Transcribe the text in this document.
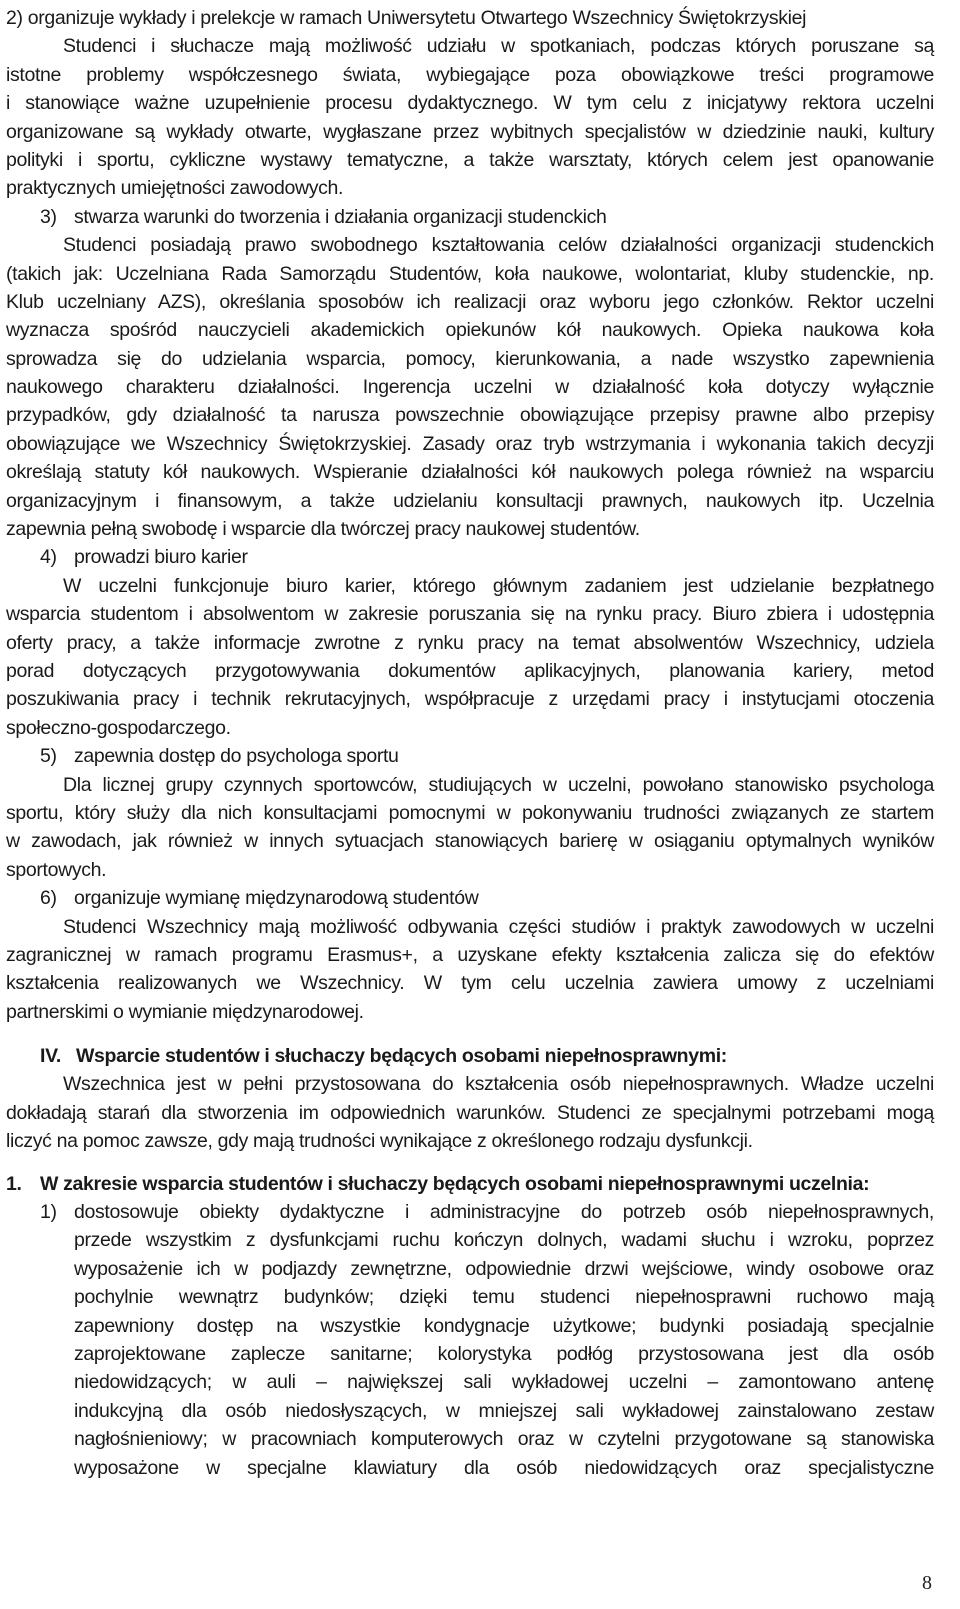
2) organizuje wykłady i prelekcje w ramach Uniwersytetu Otwartego Wszechnicy Świętokrzyskiej
Studenci i słuchacze mają możliwość udziału w spotkaniach, podczas których poruszane są
istotne problemy współczesnego świata, wybiegające poza obowiązkowe treści programowe
i stanowiące ważne uzupełnienie procesu dydaktycznego. W tym celu z inicjatywy rektora uczelni
organizowane są wykłady otwarte, wygłaszane przez wybitnych specjalistów w dziedzinie nauki, kultury
polityki i sportu, cykliczne wystawy tematyczne, a także warsztaty, których celem jest opanowanie
praktycznych umiejętności zawodowych.
3) stwarza warunki do tworzenia i działania organizacji studenckich
Studenci posiadają prawo swobodnego kształtowania celów działalności organizacji studenckich
(takich jak: Uczelniana Rada Samorządu Studentów, koła naukowe, wolontariat, kluby studenckie, np.
Klub uczelniany AZS), określania sposobów ich realizacji oraz wyboru jego członków. Rektor uczelni
wyznacza spośród nauczycieli akademickich opiekunów kół naukowych. Opieka naukowa koła
sprowadza się do udzielania wsparcia, pomocy, kierunkowania, a nade wszystko zapewnienia
naukowego charakteru działalności. Ingerencja uczelni w działalność koła dotyczy wyłącznie
przypadków, gdy działalność ta narusza powszechnie obowiązujące przepisy prawne albo przepisy
obowiązujące we Wszechnicy Świętokrzyskiej. Zasady oraz tryb wstrzymania i wykonania takich decyzji
określają statuty kół naukowych. Wspieranie działalności kół naukowych polega również na wsparciu
organizacyjnym i finansowym, a także udzielaniu konsultacji prawnych, naukowych itp. Uczelnia
zapewnia pełną swobodę i wsparcie dla twórczej pracy naukowej studentów.
4) prowadzi biuro karier
W uczelni funkcjonuje biuro karier, którego głównym zadaniem jest udzielanie bezpłatnego
wsparcia studentom i absolwentom w zakresie poruszania się na rynku pracy. Biuro zbiera i udostępnia
oferty pracy, a także informacje zwrotne z rynku pracy na temat absolwentów Wszechnicy, udziela
porad dotyczących przygotowywania dokumentów aplikacyjnych, planowania kariery, metod
poszukiwania pracy i technik rekrutacyjnych, współpracuje z urzędami pracy i instytucjami otoczenia
społeczno-gospodarczego.
5) zapewnia dostęp do psychologa sportu
Dla licznej grupy czynnych sportowców, studiujących w uczelni, powołano stanowisko psychologa
sportu, który służy dla nich konsultacjami pomocnymi w pokonywaniu trudności związanych ze startem
w zawodach, jak również w innych sytuacjach stanowiących barierę w osiąganiu optymalnych wyników
sportowych.
6) organizuje wymianę międzynarodową studentów
Studenci Wszechnicy mają możliwość odbywania części studiów i praktyk zawodowych w uczelni
zagranicznej w ramach programu Erasmus+, a uzyskane efekty kształcenia zalicza się do efektów
kształcenia realizowanych we Wszechnicy. W tym celu uczelnia zawiera umowy z uczelniami
partnerskimi o wymianie międzynarodowej.
IV. Wsparcie studentów i słuchaczy będących osobami niepełnosprawnymi:
Wszechnica jest w pełni przystosowana do kształcenia osób niepełnosprawnych. Władze uczelni
dokładają starań dla stworzenia im odpowiednich warunków. Studenci ze specjalnymi potrzebami mogą
liczyć na pomoc zawsze, gdy mają trudności wynikające z określonego rodzaju dysfunkcji.
1. W zakresie wsparcia studentów i słuchaczy będących osobami niepełnosprawnymi uczelnia:
1) dostosowuje obiekty dydaktyczne i administracyjne do potrzeb osób niepełnosprawnych,
przede wszystkim z dysfunkcjami ruchu kończyn dolnych, wadami słuchu i wzroku, poprzez
wyposażenie ich w podjazdy zewnętrzne, odpowiednie drzwi wejściowe, windy osobowe oraz
pochylnie wewnątrz budynków; dzięki temu studenci niepełnosprawni ruchowo mają
zapewniony dostęp na wszystkie kondygnacje użytkowe; budynki posiadają specjalnie
zaprojektowane zaplecze sanitarne; kolorystyka podłóg przystosowana jest dla osób
niedowidzących; w auli – największej sali wykładowej uczelni – zamontowano antenę
indukcyjną dla osób niedosłyszących, w mniejszej sali wykładowej zainstalowano zestaw
nagłośnieniowy; w pracowniach komputerowych oraz w czytelni przygotowane są stanowiska
wyposażone w specjalne klawiatury dla osób niedowidzących oraz specjalistyczne
8
